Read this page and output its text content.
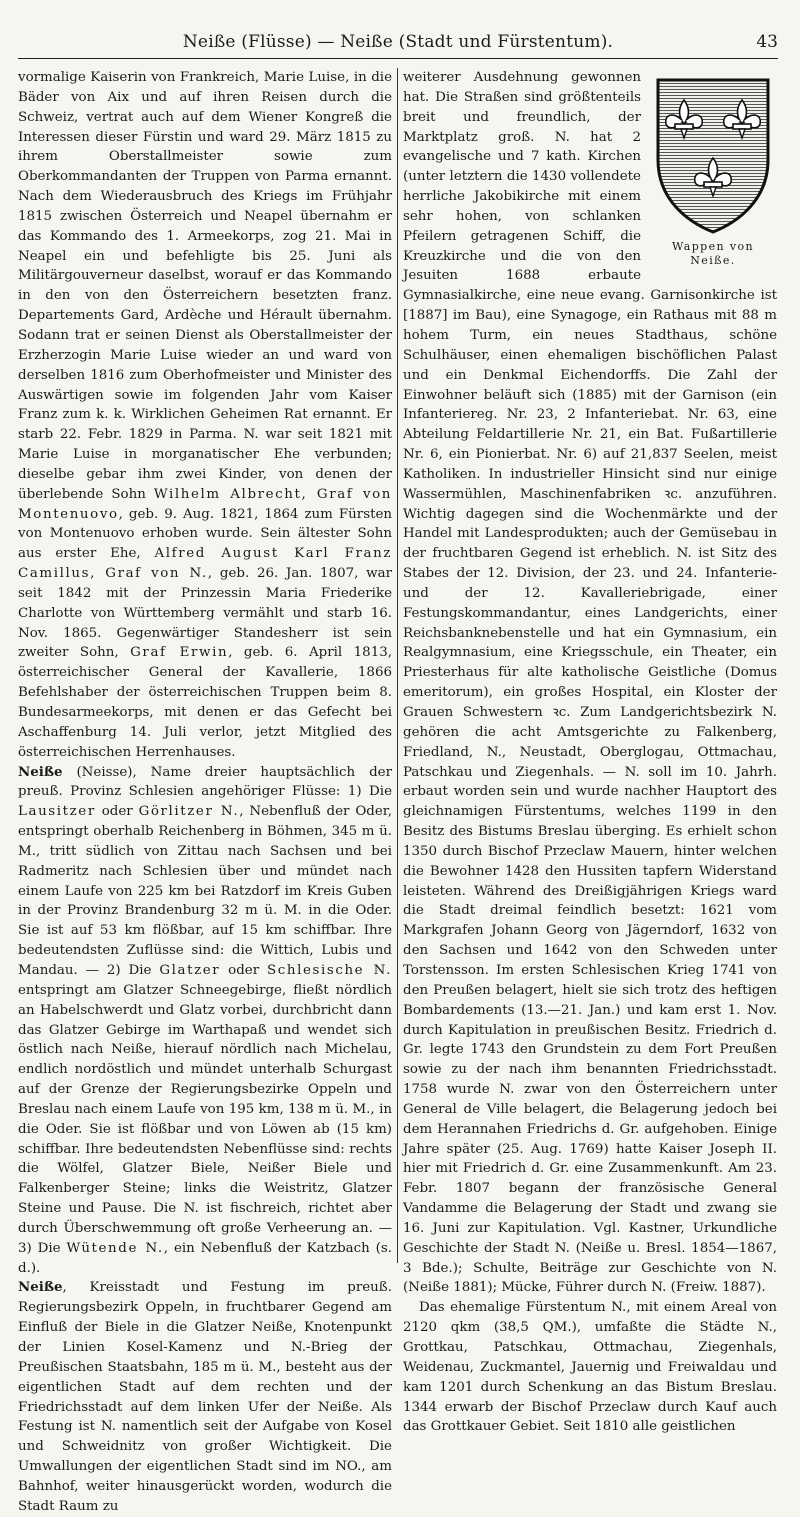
Neiße (Flüsse) — Neiße (Stadt und Fürstentum).	43

vormalige Kaiserin von Frankreich, Marie Luise, in die Bäder von Aix und auf ihren Reisen durch die Schweiz, vertrat auch auf dem Wiener Kongreß die Interessen dieser Fürstin und ward 29. März 1815 zu ihrem Oberstallmeister sowie zum Oberkommandanten der Truppen von Parma ernannt. Nach dem Wiederausbruch des Kriegs im Frühjahr 1815 zwischen Österreich und Neapel übernahm er das Kommando des 1. Armeekorps, zog 21. Mai in Neapel ein und befehligte bis 25. Juni als Militärgouverneur daselbst, worauf er das Kommando in den von den Österreichern besetzten franz. Departements Gard, Ardèche und Hérault übernahm. Sodann trat er seinen Dienst als Oberstallmeister der Erzherzogin Marie Luise wieder an und ward von derselben 1816 zum Oberhofmeister und Minister des Auswärtigen sowie im folgenden Jahr vom Kaiser Franz zum k. k. Wirklichen Geheimen Rat ernannt. Er starb 22. Febr. 1829 in Parma. N. war seit 1821 mit Marie Luise in morganatischer Ehe verbunden; dieselbe gebar ihm zwei Kinder, von denen der überlebende Sohn Wilhelm Albrecht, Graf von Montenuovo, geb. 9. Aug. 1821, 1864 zum Fürsten von Montenuovo erhoben wurde. Sein ältester Sohn aus erster Ehe, Alfred August Karl Franz Camillus, Graf von N., geb. 26. Jan. 1807, war seit 1842 mit der Prinzessin Maria Friederike Charlotte von Württemberg vermählt und starb 16. Nov. 1865. Gegenwärtiger Standesherr ist sein zweiter Sohn, Graf Erwin, geb. 6. April 1813, österreichischer General der Kavallerie, 1866 Befehlshaber der österreichischen Truppen beim 8. Bundesarmeekorps, mit denen er das Gefecht bei Aschaffenburg 14. Juli verlor, jetzt Mitglied des österreichischen Herrenhauses.

Neiße (Neisse), Name dreier hauptsächlich der preuß. Provinz Schlesien angehöriger Flüsse: 1) Die Lausitzer oder Görlitzer N., Nebenfluß der Oder, entspringt oberhalb Reichenberg in Böhmen, 345 m ü. M., tritt südlich von Zittau nach Sachsen und bei Radmeritz nach Schlesien über und mündet nach einem Laufe von 225 km bei Ratzdorf im Kreis Guben in der Provinz Brandenburg 32 m ü. M. in die Oder. Sie ist auf 53 km flößbar, auf 15 km schiffbar. Ihre bedeutendsten Zuflüsse sind: die Wittich, Lubis und Mandau. — 2) Die Glatzer oder Schlesische N. entspringt am Glatzer Schneegebirge, fließt nördlich an Habelschwerdt und Glatz vorbei, durchbricht dann das Glatzer Gebirge im Warthapaß und wendet sich östlich nach Neiße, hierauf nördlich nach Michelau, endlich nordöstlich und mündet unterhalb Schurgast auf der Grenze der Regierungsbezirke Oppeln und Breslau nach einem Laufe von 195 km, 138 m ü. M., in die Oder. Sie ist flößbar und von Löwen ab (15 km) schiffbar. Ihre bedeutendsten Nebenflüsse sind: rechts die Wölfel, Glatzer Biele, Neißer Biele und Falkenberger Steine; links die Weistritz, Glatzer Steine und Pause. Die N. ist fischreich, richtet aber durch Überschwemmung oft große Verheerung an. — 3) Die Wütende N., ein Nebenfluß der Katzbach (s. d.).

Neiße, Kreisstadt und Festung im preuß. Regierungsbezirk Oppeln, in fruchtbarer Gegend am Einfluß der Biele in die Glatzer Neiße, Knotenpunkt der Linien Kosel-Kamenz und N.-Brieg der Preußischen Staatsbahn, 185 m ü. M., besteht aus der eigentlichen Stadt auf dem rechten und der Friedrichsstadt auf dem linken Ufer der Neiße. Als Festung ist N. namentlich seit der Aufgabe von Kosel und Schweidnitz von großer Wichtigkeit. Die Umwallungen der eigentlichen Stadt sind im NO., am Bahnhof, weiter hinausgerückt worden, wodurch die Stadt Raum zu

Wappen von
Neiße.

weiterer Ausdehnung gewonnen hat. Die Straßen sind größtenteils breit und freundlich, der Marktplatz groß. N. hat 2 evangelische und 7 kath. Kirchen (unter letztern die 1430 vollendete herrliche Jakobikirche mit einem sehr hohen, von schlanken Pfeilern getragenen Schiff, die Kreuzkirche und die von den Jesuiten 1688 erbaute Gymnasialkirche, eine neue evang. Garnisonkirche ist [1887] im Bau), eine Synagoge, ein Rathaus mit 88 m hohem Turm, ein neues Stadthaus, schöne Schulhäuser, einen ehemaligen bischöflichen Palast und ein Denkmal Eichendorffs. Die Zahl der Einwohner beläuft sich (1885) mit der Garnison (ein Infanteriereg. Nr. 23, 2 Infanteriebat. Nr. 63, eine Abteilung Feldartillerie Nr. 21, ein Bat. Fußartillerie Nr. 6, ein Pionierbat. Nr. 6) auf 21,837 Seelen, meist Katholiken. In industrieller Hinsicht sind nur einige Wassermühlen, Maschinenfabriken ꝛc. anzuführen. Wichtig dagegen sind die Wochenmärkte und der Handel mit Landesprodukten; auch der Gemüsebau in der fruchtbaren Gegend ist erheblich. N. ist Sitz des Stabes der 12. Division, der 23. und 24. Infanterie- und der 12. Kavalleriebrigade, einer Festungskommandantur, eines Landgerichts, einer Reichsbanknebenstelle und hat ein Gymnasium, ein Realgymnasium, eine Kriegsschule, ein Theater, ein Priesterhaus für alte katholische Geistliche (Domus emeritorum), ein großes Hospital, ein Kloster der Grauen Schwestern ꝛc. Zum Landgerichtsbezirk N. gehören die acht Amtsgerichte zu Falkenberg, Friedland, N., Neustadt, Oberglogau, Ottmachau, Patschkau und Ziegenhals. — N. soll im 10. Jahrh. erbaut worden sein und wurde nachher Hauptort des gleichnamigen Fürstentums, welches 1199 in den Besitz des Bistums Breslau überging. Es erhielt schon 1350 durch Bischof Przeclaw Mauern, hinter welchen die Bewohner 1428 den Hussiten tapfern Widerstand leisteten. Während des Dreißigjährigen Kriegs ward die Stadt dreimal feindlich besetzt: 1621 vom Markgrafen Johann Georg von Jägerndorf, 1632 von den Sachsen und 1642 von den Schweden unter Torstensson. Im ersten Schlesischen Krieg 1741 von den Preußen belagert, hielt sie sich trotz des heftigen Bombardements (13.—21. Jan.) und kam erst 1. Nov. durch Kapitulation in preußischen Besitz. Friedrich d. Gr. legte 1743 den Grundstein zu dem Fort Preußen sowie zu der nach ihm benannten Friedrichsstadt. 1758 wurde N. zwar von den Österreichern unter General de Ville belagert, die Belagerung jedoch bei dem Herannahen Friedrichs d. Gr. aufgehoben. Einige Jahre später (25. Aug. 1769) hatte Kaiser Joseph II. hier mit Friedrich d. Gr. eine Zusammenkunft. Am 23. Febr. 1807 begann der französische General Vandamme die Belagerung der Stadt und zwang sie 16. Juni zur Kapitulation. Vgl. Kastner, Urkundliche Geschichte der Stadt N. (Neiße u. Bresl. 1854—1867, 3 Bde.); Schulte, Beiträge zur Geschichte von N. (Neiße 1881); Mücke, Führer durch N. (Freiw. 1887).

Das ehemalige Fürstentum N., mit einem Areal von 2120 qkm (38,5 QM.), umfaßte die Städte N., Grottkau, Patschkau, Ottmachau, Ziegenhals, Weidenau, Zuckmantel, Jauernig und Freiwaldau und kam 1201 durch Schenkung an das Bistum Breslau. 1344 erwarb der Bischof Przeclaw durch Kauf auch das Grottkauer Gebiet. Seit 1810 alle geistlichen
